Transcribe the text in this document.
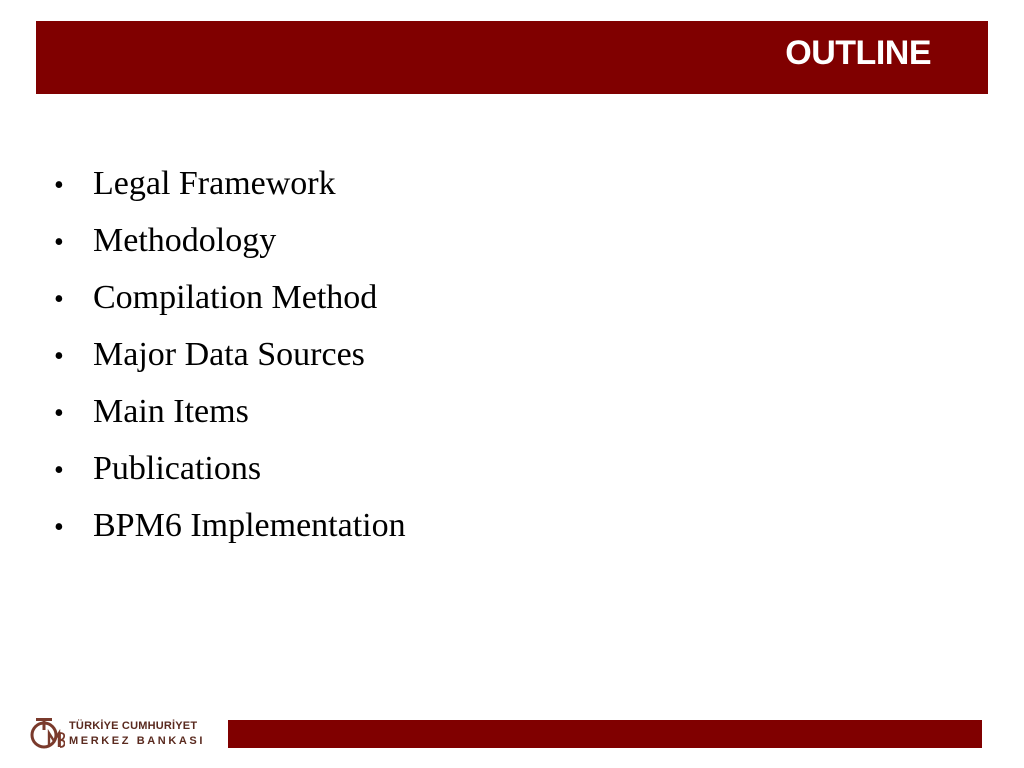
OUTLINE
• Legal Framework
• Methodology
• Compilation Method
• Major Data Sources
• Main Items
• Publications
• BPM6 Implementation
TÜRKİYE CUMHURİYET
MERKEZ BANKASI
